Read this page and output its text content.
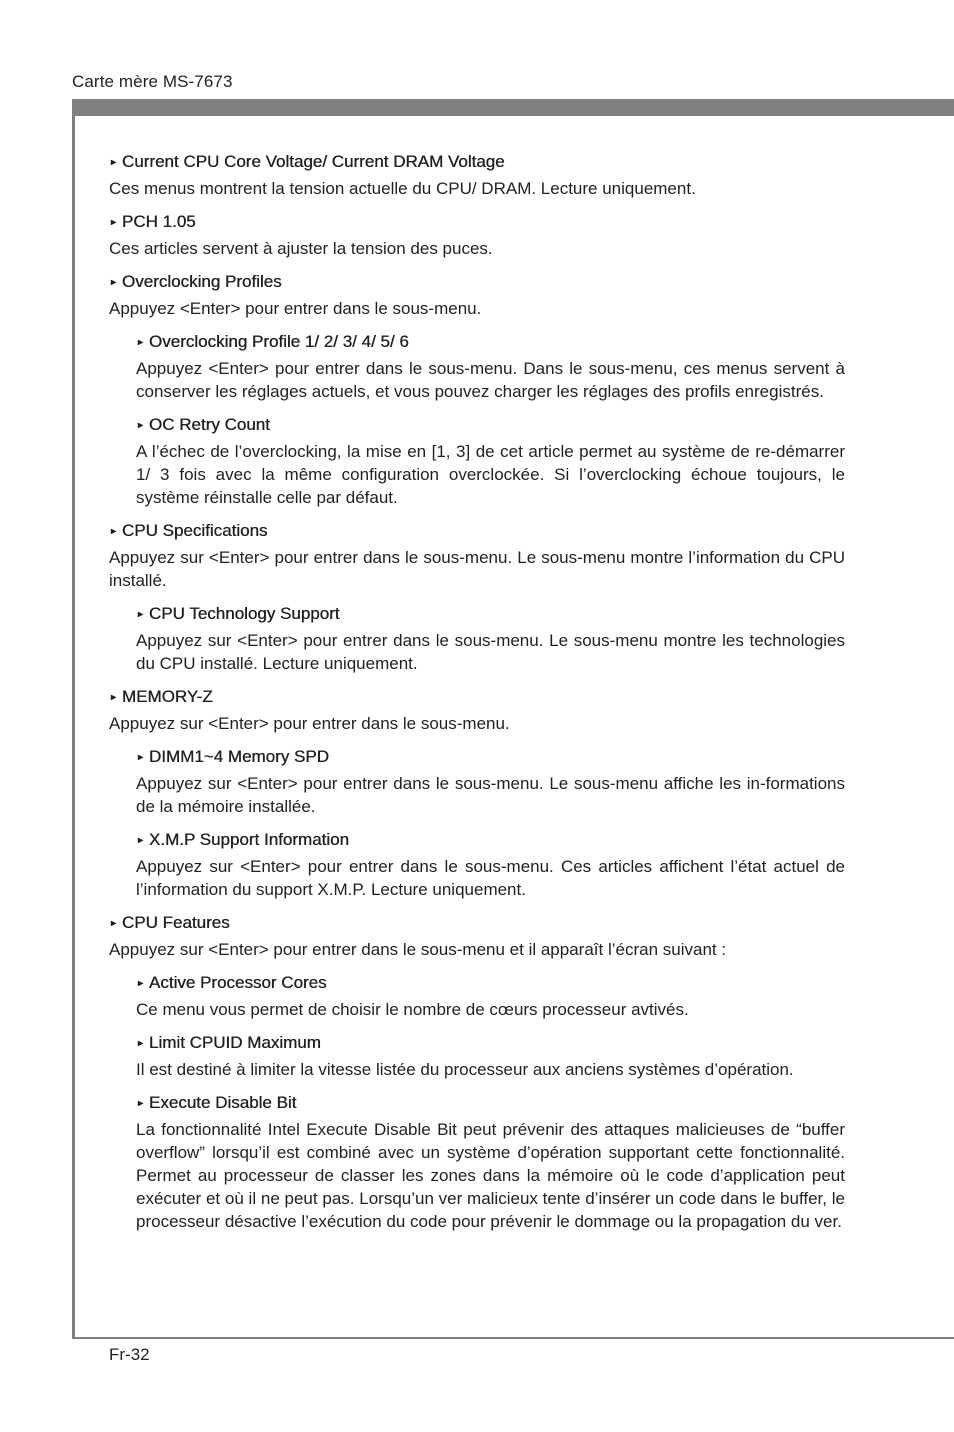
Carte mère MS-7673
► Current CPU Core Voltage/ Current DRAM Voltage

Ces menus montrent la tension actuelle du CPU/ DRAM. Lecture uniquement.

► PCH 1.05

Ces articles servent à ajuster la tension des puces.

► Overclocking Profiles

Appuyez <Enter> pour entrer dans le sous-menu.

► Overclocking Profile 1/ 2/ 3/ 4/ 5/ 6

Appuyez <Enter> pour entrer dans le sous-menu. Dans le sous-menu, ces menus servent à conserver les réglages actuels, et vous pouvez charger les réglages des profils enregistrés.

► OC Retry Count

A l’échec de l’overclocking, la mise en [1, 3] de cet article permet au système de re-démarrer 1/ 3 fois avec la même configuration overclockée. Si l’overclocking échoue toujours, le système réinstalle celle par défaut.

► CPU Specifications

Appuyez sur <Enter> pour entrer dans le sous-menu. Le sous-menu montre l’information du CPU installé.

► CPU Technology Support

Appuyez sur <Enter> pour entrer dans le sous-menu. Le sous-menu montre les technologies du CPU installé. Lecture uniquement.

► MEMORY-Z

Appuyez sur <Enter> pour entrer dans le sous-menu.

► DIMM1~4 Memory SPD

Appuyez sur <Enter> pour entrer dans le sous-menu. Le sous-menu affiche les in-formations de la mémoire installée.

► X.M.P Support Information

Appuyez sur <Enter> pour entrer dans le sous-menu. Ces articles affichent l’état actuel de l’information du support X.M.P. Lecture uniquement.

► CPU Features

Appuyez sur <Enter> pour entrer dans le sous-menu et il apparaît l’écran suivant :

► Active Processor Cores

Ce menu vous permet de choisir le nombre de cœurs processeur avtivés.

► Limit CPUID Maximum

Il est destiné à limiter la vitesse listée du processeur aux anciens systèmes d’opération.

► Execute Disable Bit

La fonctionnalité Intel Execute Disable Bit peut prévenir des attaques malicieuses de “buffer overflow” lorsqu’il est combiné avec un système d’opération supportant cette fonctionnalité. Permet au processeur de classer les zones dans la mémoire où le code d’application peut exécuter et où il ne peut pas. Lorsqu’un ver malicieux tente d’insérer un code dans le buffer, le processeur désactive l’exécution du code pour prévenir le dommage ou la propagation du ver.

Fr-32
